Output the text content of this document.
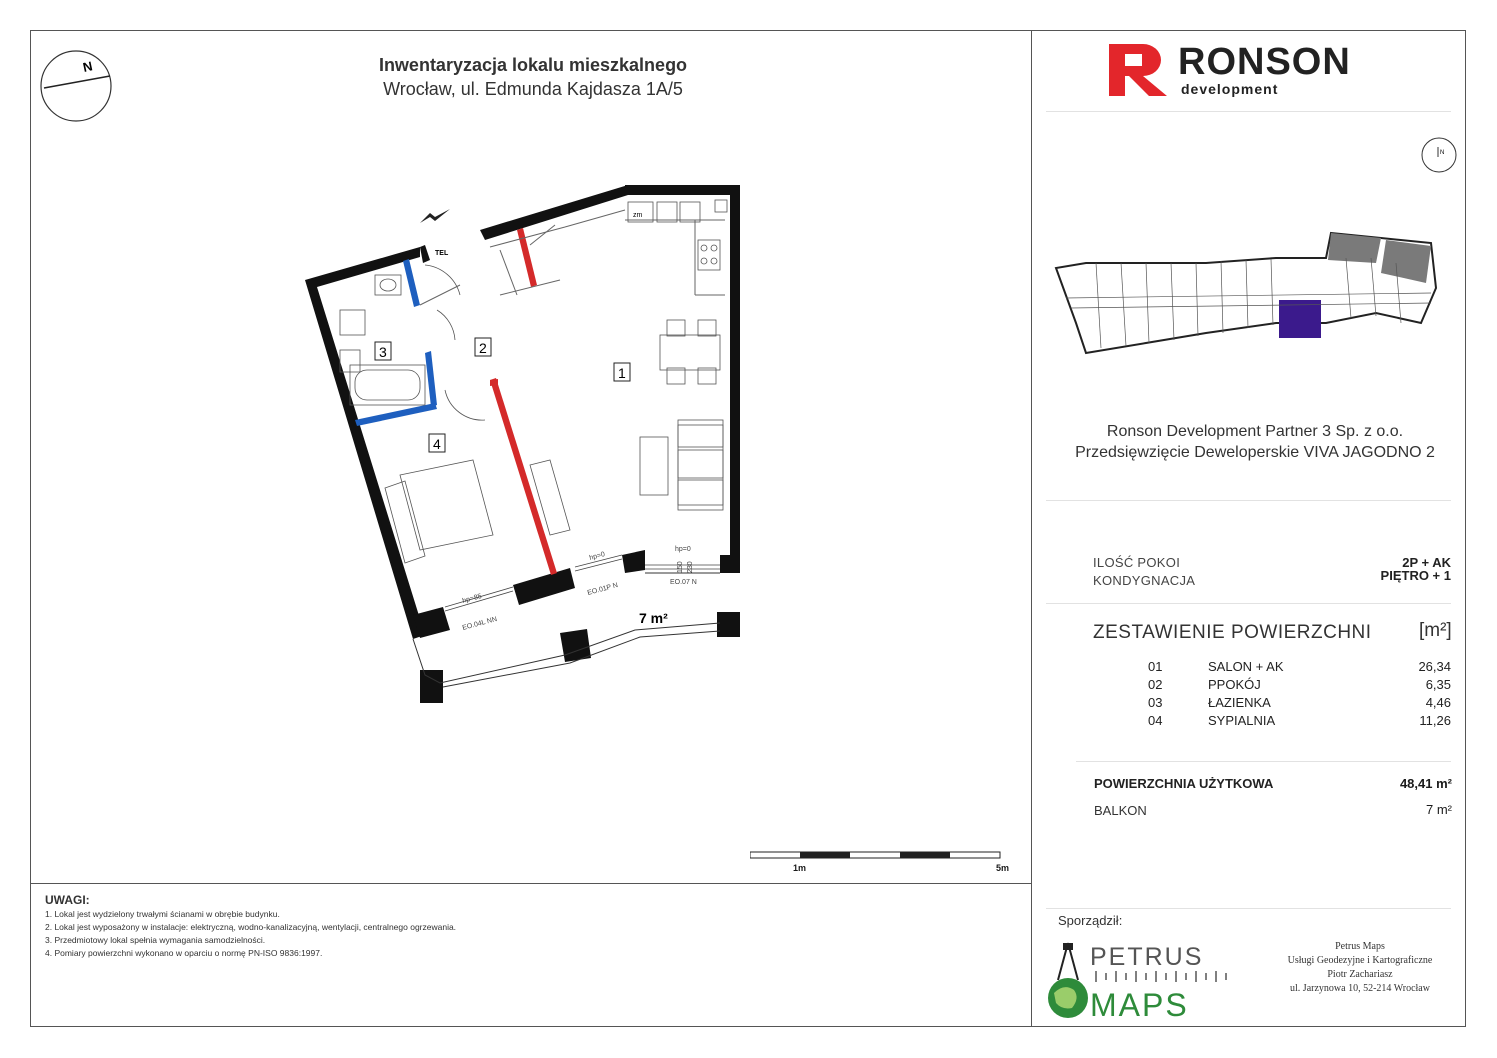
Inwentaryzacja lokalu mieszkalnego
Wrocław, ul. Edmunda Kajdasza 1A/5
N
zm
1
2
3
4
TEL
7 m²
EO.04L NN
EO.01P N	EO.07 N
hp=85
hp=0
hp=0
150 230
1m	5m
UWAGI:
1. Lokal jest wydzielony trwałymi ścianami w obrębie budynku.
2. Lokal jest wyposażony w instalacje: elektryczną, wodno-kanalizacyjną, wentylacji, centralnego ogrzewania.
3. Przedmiotowy lokal spełnia wymagania samodzielności.
4. Pomiary powierzchni wykonano w oparciu o normę PN-ISO 9836:1997.
RONSON
development
N
Ronson Development Partner 3 Sp. z o.o.
Przedsięwzięcie Deweloperskie VIVA JAGODNO 2
ILOŚĆ POKOI	2P + AK
KONDYGNACJA	PIĘTRO + 1
ZESTAWIENIE POWIERZCHNI [m²]
01	SALON + AK	26,34
02	PPOKÓJ	6,35
03	ŁAZIENKA	4,46
04	SYPIALNIA	11,26
POWIERZCHNIA UŻYTKOWA	48,41 m²
BALKON	7 m²
Sporządził:
PETRUS
MAPS
Petrus Maps
Usługi Geodezyjne i Kartograficzne
Piotr Zachariasz
ul. Jarzynowa 10, 52-214 Wrocław
